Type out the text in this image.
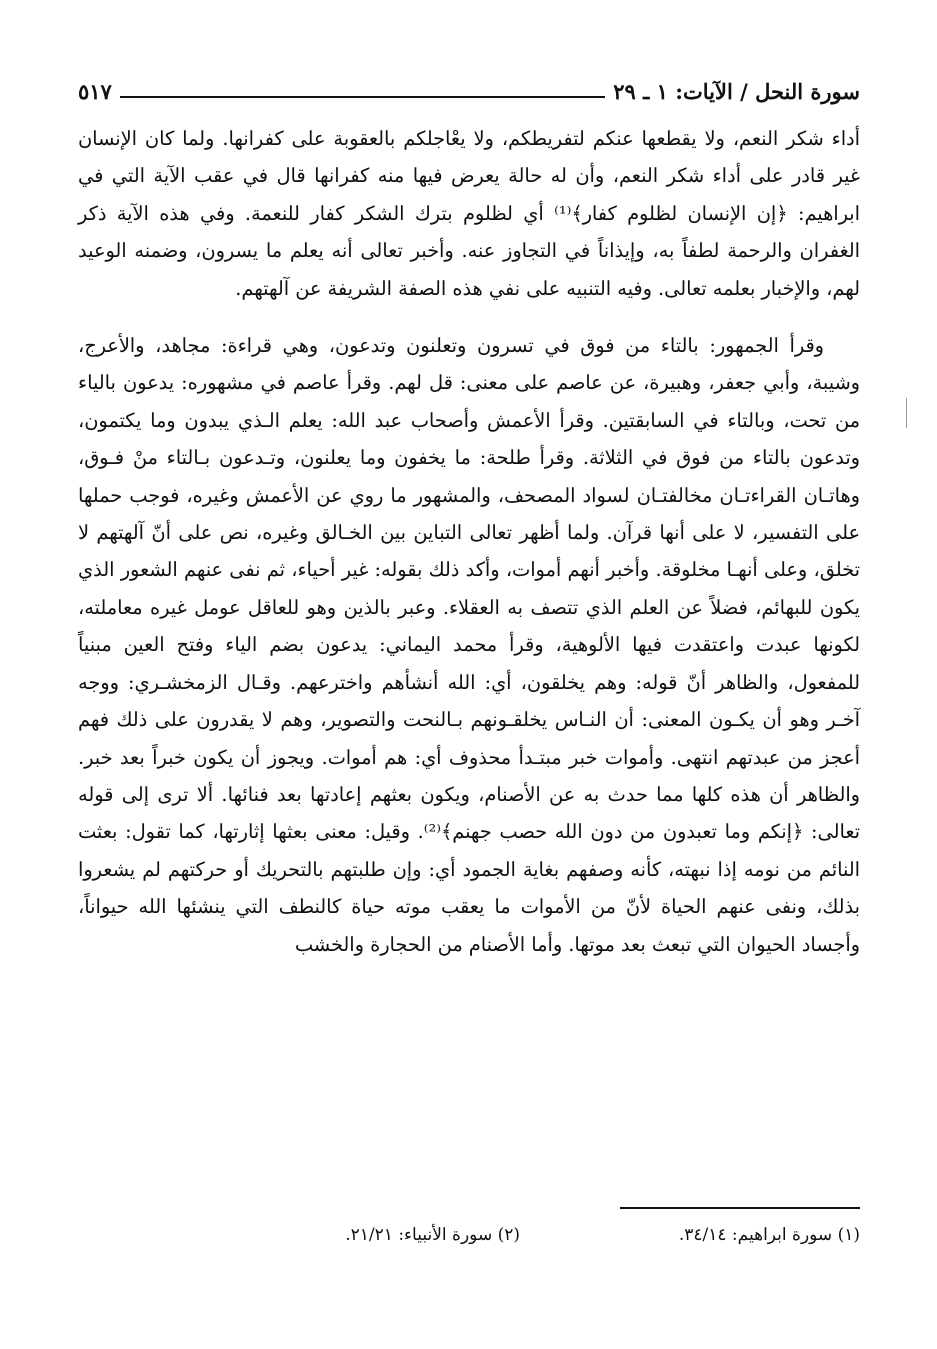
سورة النحل / الآيات: ١ ـ ٢٩
٥١٧

أداء شكر النعم، ولا يقطعها عنكم لتفريطكم، ولا يعْاجلكم بالعقوبة على كفرانها. ولما كان الإنسان غير قادر على أداء شكر النعم، وأن له حالة يعرض فيها منه كفرانها قال في عقب الآية التي في ابراهيم: ﴿إن الإنسان لظلوم كفار﴾⁽¹⁾ أي لظلوم بترك الشكر كفار للنعمة. وفي هذه الآية ذكر الغفران والرحمة لطفاً به، وإيذاناً في التجاوز عنه. وأخبر تعالى أنه يعلم ما يسرون، وضمنه الوعيد لهم، والإخبار بعلمه تعالى. وفيه التنبيه على نفي هذه الصفة الشريفة عن آلهتهم.

وقرأ الجمهور: بالتاء من فوق في تسرون وتعلنون وتدعون، وهي قراءة: مجاهد، والأعرج، وشيبة، وأبي جعفر، وهبيرة، عن عاصم على معنى: قل لهم. وقرأ عاصم في مشهوره: يدعون بالياء من تحت، وبالتاء في السابقتين. وقرأ الأعمش وأصحاب عبد الله: يعلم الـذي يبدون وما يكتمون، وتدعون بالتاء من فوق في الثلاثة. وقرأ طلحة: ما يخفون وما يعلنون، وتـدعون بـالتاء منْ فـوق، وهاتـان القراءتـان مخالفتـان لسواد المصحف، والمشهور ما روي عن الأعمش وغيره، فوجب حملها على التفسير، لا على أنها قرآن. ولما أظهر تعالى التباين بين الخـالق وغيره، نص على أنّ آلهتهم لا تخلق، وعلى أنهـا مخلوقة. وأخبر أنهم أموات، وأكد ذلك بقوله: غير أحياء، ثم نفى عنهم الشعور الذي يكون للبهائم، فضلاً عن العلم الذي تتصف به العقلاء. وعبر بالذين وهو للعاقل عومل غيره معاملته، لكونها عبدت واعتقدت فيها الألوهية، وقرأ محمد اليماني: يدعون بضم الياء وفتح العين مبنياً للمفعول، والظاهر أنّ قوله: وهم يخلقون، أي: الله أنشأهم واخترعهم. وقـال الزمخشـري: ووجه آخـر وهو أن يكـون المعنى: أن النـاس يخلقـونهم بـالنحت والتصوير، وهم لا يقدرون على ذلك فهم أعجز من عبدتهم انتهى. وأموات خبر مبتـدأ محذوف أي: هم أموات. ويجوز أن يكون خبراً بعد خبر. والظاهر أن هذه كلها مما حدث به عن الأصنام، ويكون بعثهم إعادتها بعد فنائها. ألا ترى إلى قوله تعالى: ﴿إنكم وما تعبدون من دون الله حصب جهنم﴾⁽²⁾. وقيل: معنى بعثها إثارتها، كما تقول: بعثت النائم من نومه إذا نبهته، كأنه وصفهم بغاية الجمود أي: وإن طلبتهم بالتحريك أو حركتهم لم يشعروا بذلك، ونفى عنهم الحياة لأنّ من الأموات ما يعقب موته حياة كالنطف التي ينشئها الله حيواناً، وأجساد الحيوان التي تبعث بعد موتها. وأما الأصنام من الحجارة والخشب

(١) سورة ابراهيم: ٣٤/١٤.
(٢) سورة الأنبياء: ٢١/٢١.
